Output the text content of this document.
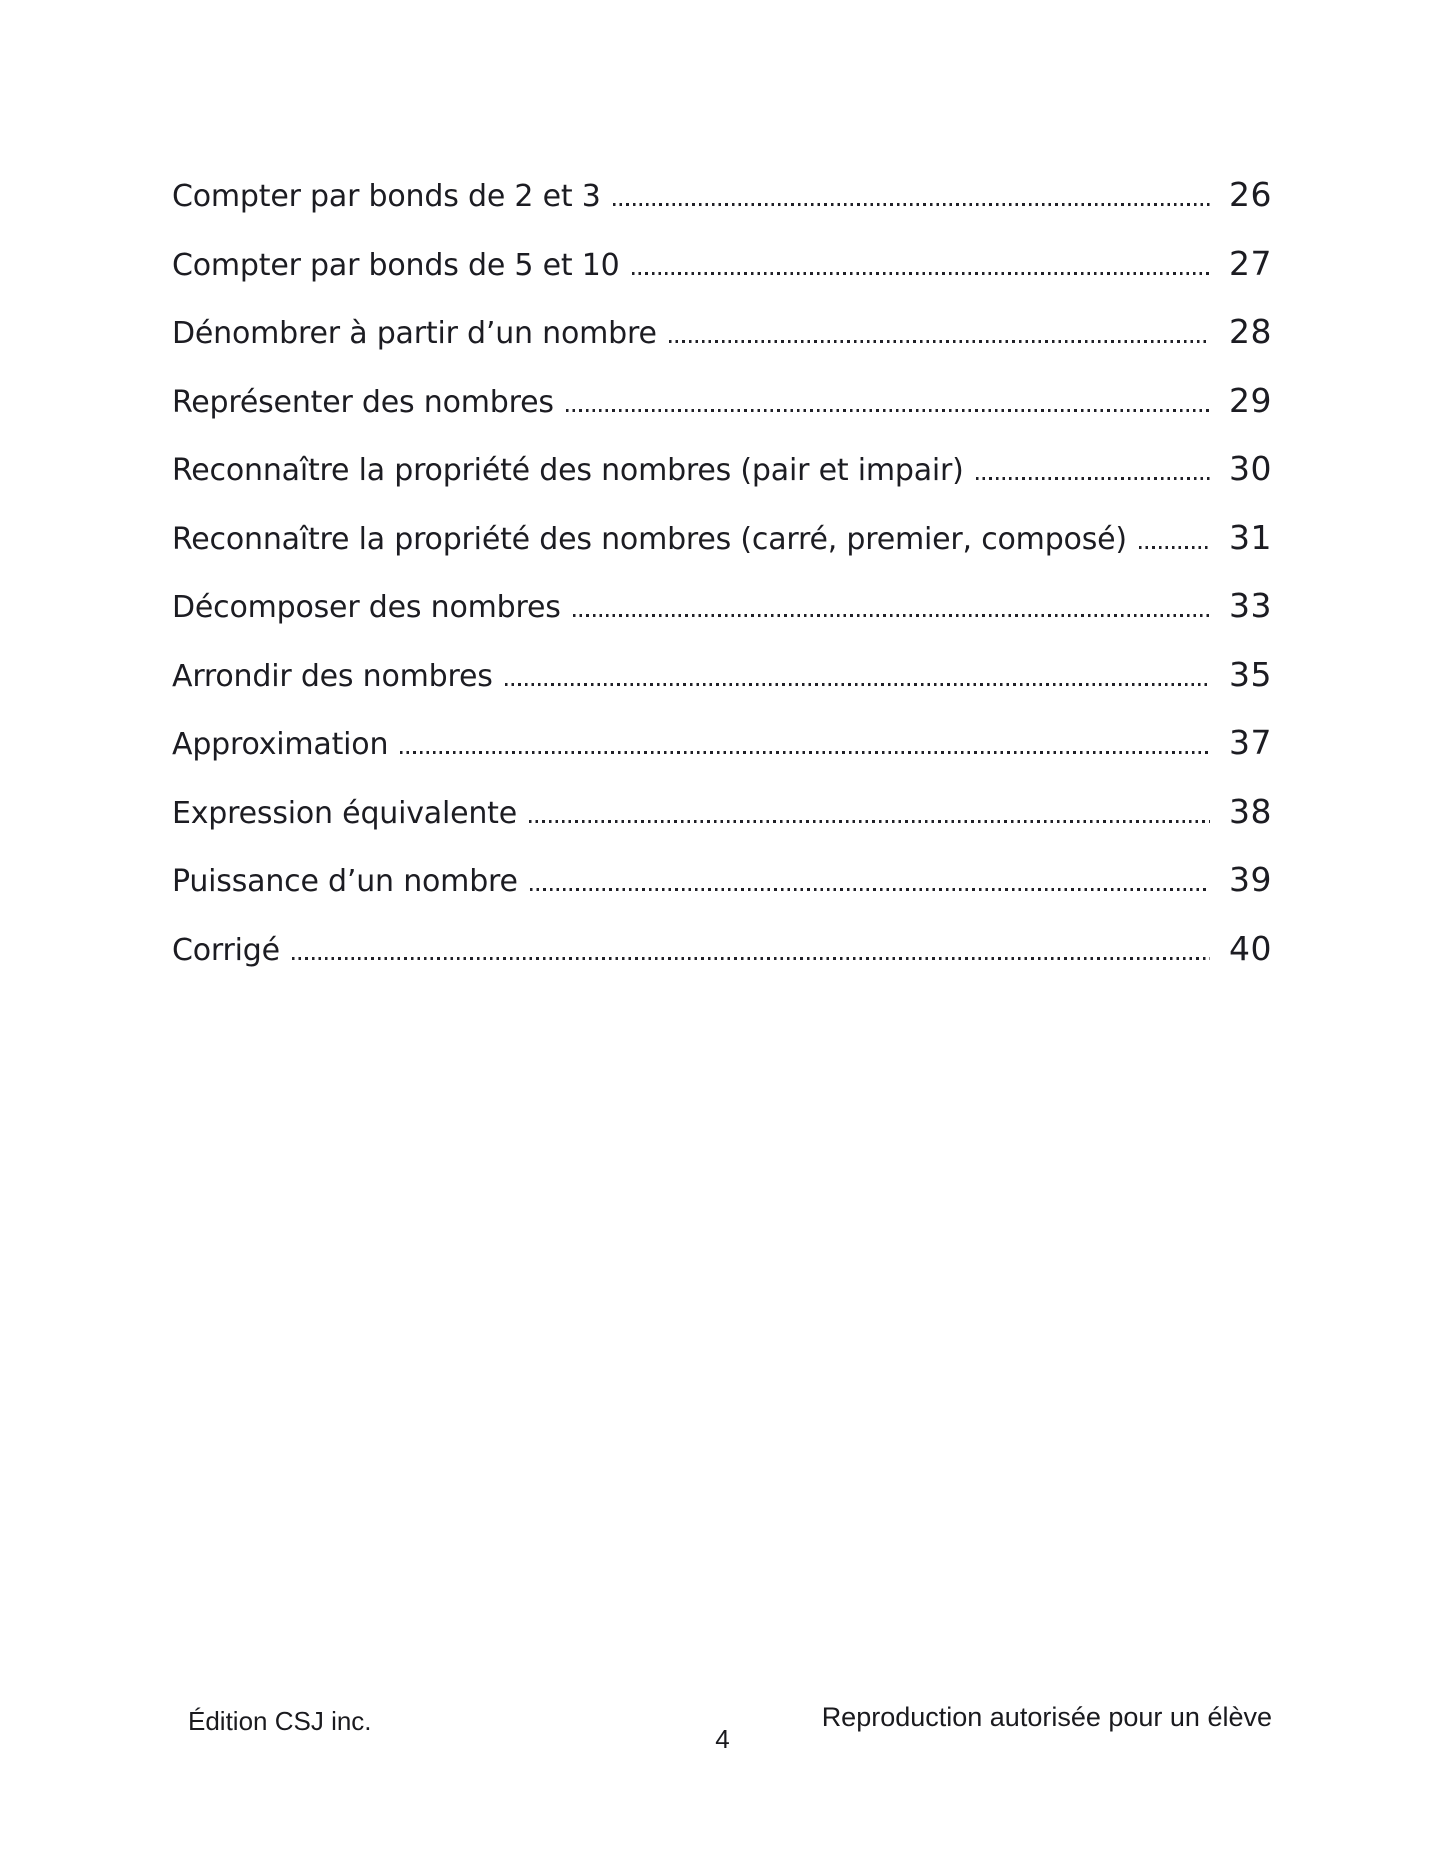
Compter par bonds de 2 et 3	26
Compter par bonds de 5 et 10	27
Dénombrer à partir d’un nombre	28
Représenter des nombres	29
Reconnaître la propriété des nombres (pair et impair)	30
Reconnaître la propriété des nombres (carré, premier, composé)	31
Décomposer des nombres	33
Arrondir des nombres	35
Approximation	37
Expression équivalente	38
Puissance d’un nombre	39
Corrigé	40
Édition CSJ inc.
4
Reproduction autorisée pour un élève
